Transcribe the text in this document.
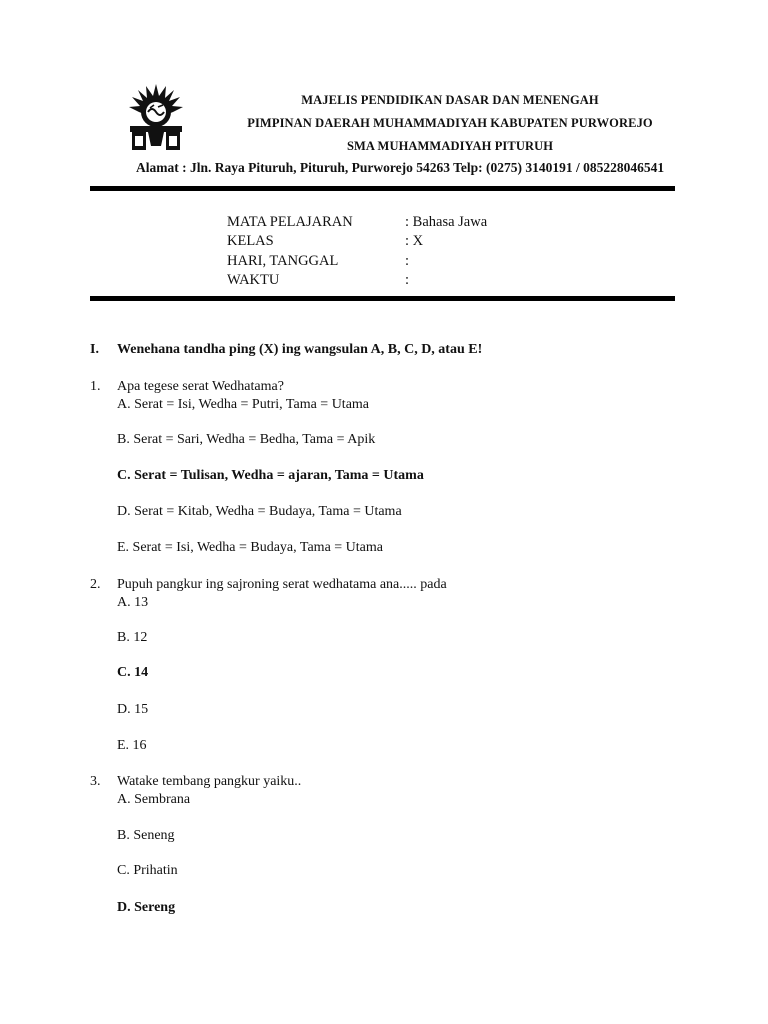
MAJELIS PENDIDIKAN DASAR DAN MENENGAH
PIMPINAN DAERAH MUHAMMADIYAH KABUPATEN PURWOREJO
SMA MUHAMMADIYAH PITURUH
Alamat : Jln. Raya Pituruh, Pituruh, Purworejo 54263 Telp: (0275) 3140191 / 085228046541
MATA PELAJARAN	: Bahasa Jawa
KELAS	: X
HARI, TANGGAL	:
WAKTU	:
I. Wenehana tandha ping (X) ing wangsulan A, B, C, D, atau E!
1. Apa tegese serat Wedhatama?
A. Serat = Isi, Wedha = Putri, Tama = Utama
B. Serat = Sari, Wedha = Bedha, Tama = Apik
C. Serat = Tulisan, Wedha = ajaran, Tama = Utama
D. Serat = Kitab, Wedha = Budaya, Tama = Utama
E. Serat = Isi, Wedha = Budaya, Tama = Utama
2. Pupuh pangkur ing sajroning serat wedhatama ana..... pada
A. 13
B. 12
C. 14
D. 15
E. 16
3. Watake tembang pangkur yaiku..
A. Sembrana
B. Seneng
C. Prihatin
D. Sereng
